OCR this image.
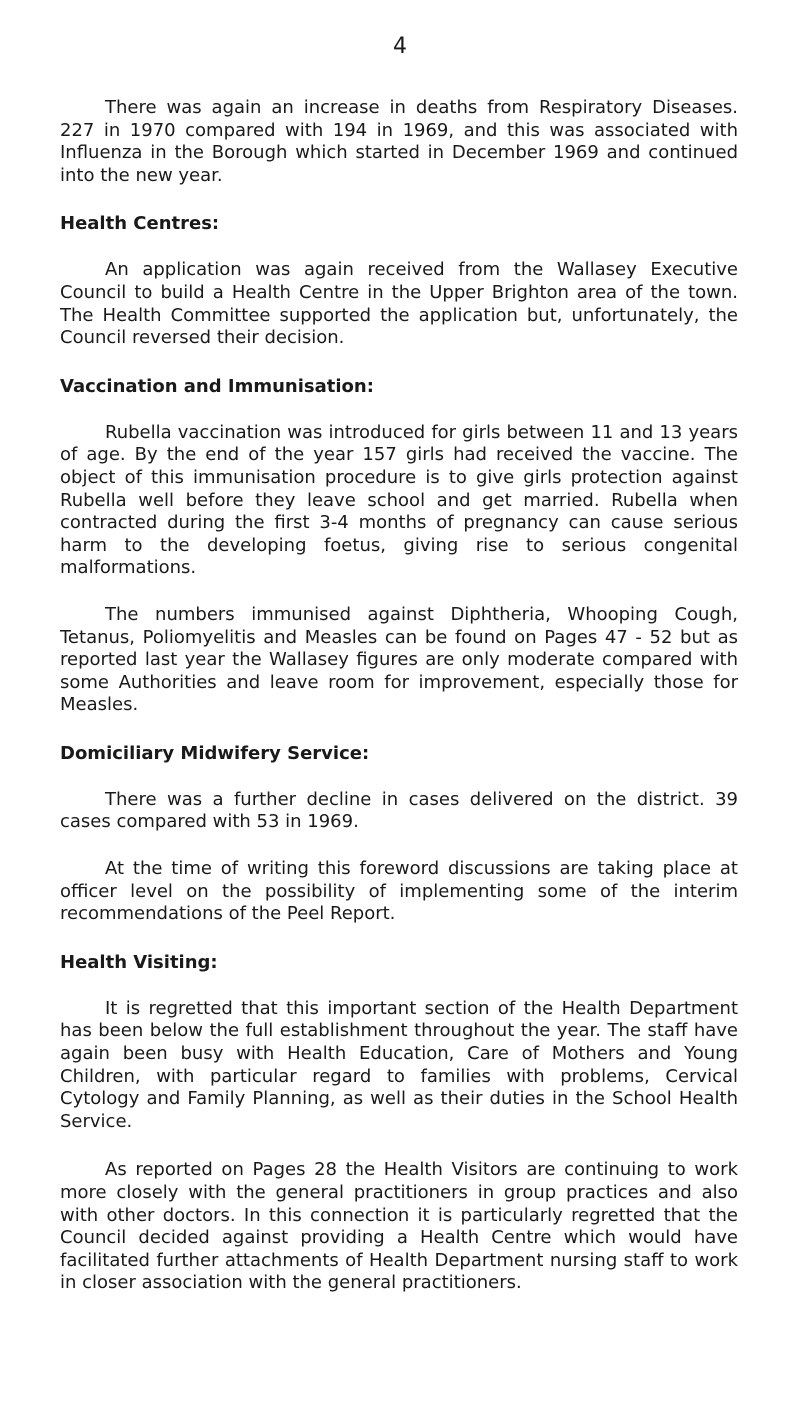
4

There was again an increase in deaths from Respiratory Diseases. 227 in 1970 compared with 194 in 1969, and this was associated with Influenza in the Borough which started in December 1969 and continued into the new year.

Health Centres:

An application was again received from the Wallasey Executive Council to build a Health Centre in the Upper Brighton area of the town. The Health Committee supported the application but, unfortunately, the Council reversed their decision.

Vaccination and Immunisation:

Rubella vaccination was introduced for girls between 11 and 13 years of age. By the end of the year 157 girls had received the vaccine. The object of this immunisation procedure is to give girls protection against Rubella well before they leave school and get married. Rubella when contracted during the first 3-4 months of pregnancy can cause serious harm to the developing foetus, giving rise to serious congenital malformations.

The numbers immunised against Diphtheria, Whooping Cough, Tetanus, Poliomyelitis and Measles can be found on Pages 47 - 52 but as reported last year the Wallasey figures are only moderate compared with some Authorities and leave room for improvement, especially those for Measles.

Domiciliary Midwifery Service:

There was a further decline in cases delivered on the district. 39 cases compared with 53 in 1969.

At the time of writing this foreword discussions are taking place at officer level on the possibility of implementing some of the interim recommendations of the Peel Report.

Health Visiting:

It is regretted that this important section of the Health Department has been below the full establishment throughout the year. The staff have again been busy with Health Education, Care of Mothers and Young Children, with particular regard to families with problems, Cervical Cytology and Family Planning, as well as their duties in the School Health Service.

As reported on Pages 28 the Health Visitors are continuing to work more closely with the general practitioners in group practices and also with other doctors. In this connection it is particularly regretted that the Council decided against providing a Health Centre which would have facilitated further attachments of Health Department nursing staff to work in closer association with the general practitioners.
